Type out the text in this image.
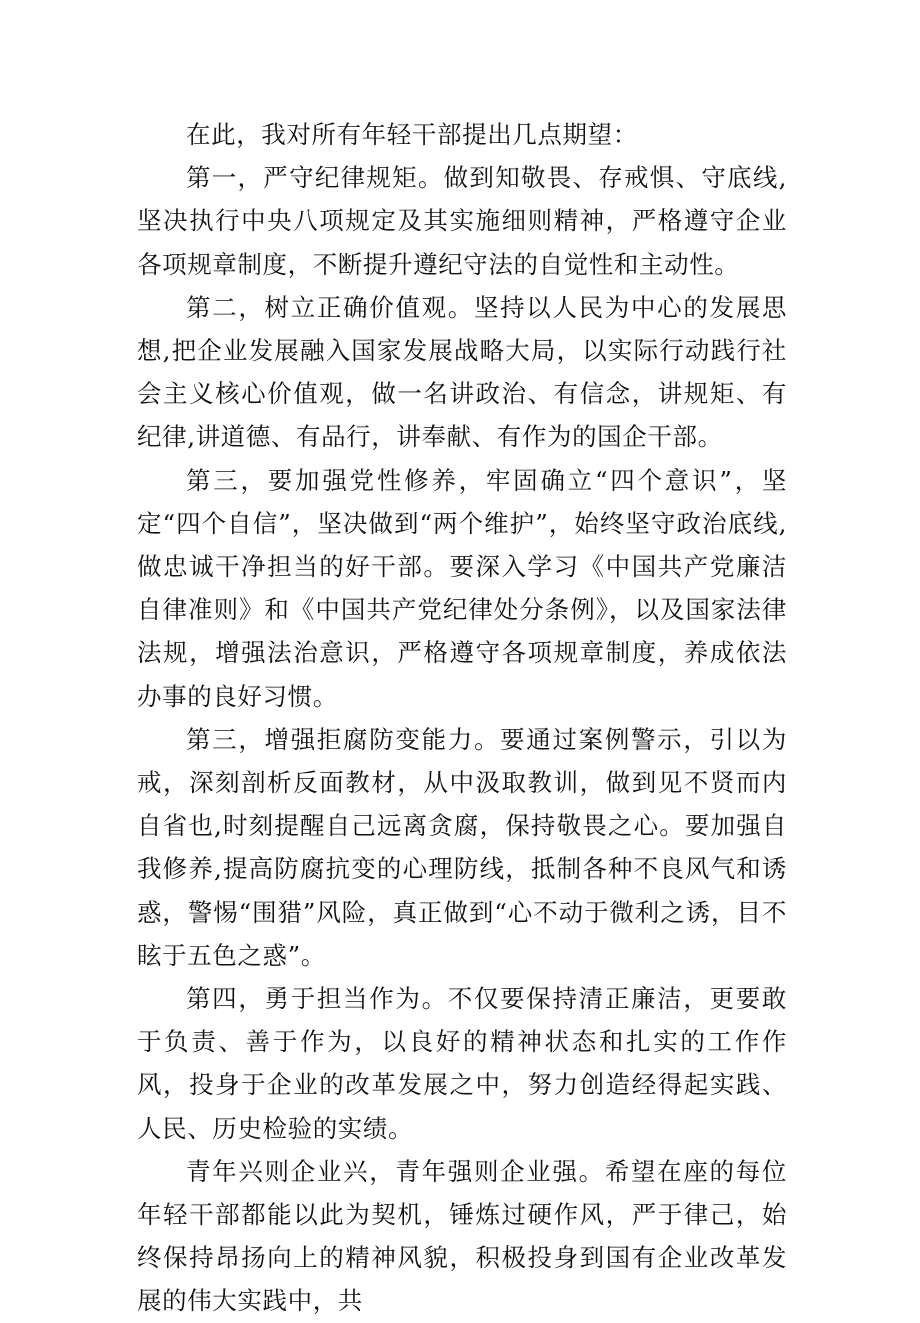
在此，我对所有年轻干部提出几点期望：

第一，严守纪律规矩。做到知敬畏、存戒惧、守底线,坚决执行中央八项规定及其实施细则精神，严格遵守企业各项规章制度，不断提升遵纪守法的自觉性和主动性。

第二，树立正确价值观。坚持以人民为中心的发展思想,把企业发展融入国家发展战略大局，以实际行动践行社会主义核心价值观，做一名讲政治、有信念，讲规矩、有纪律,讲道德、有品行，讲奉献、有作为的国企干部。

第三，要加强党性修养，牢固确立“四个意识”，坚定“四个自信”，坚决做到“两个维护”，始终坚守政治底线,做忠诚干净担当的好干部。要深入学习《中国共产党廉洁自律准则》和《中国共产党纪律处分条例》，以及国家法律法规，增强法治意识，严格遵守各项规章制度，养成依法办事的良好习惯。

第三，增强拒腐防变能力。要通过案例警示，引以为戒，深刻剖析反面教材，从中汲取教训，做到见不贤而内自省也,时刻提醒自己远离贪腐，保持敬畏之心。要加强自我修养,提高防腐抗变的心理防线，抵制各种不良风气和诱惑，警惕“围猎”风险，真正做到“心不动于微利之诱，目不眩于五色之惑”。

第四，勇于担当作为。不仅要保持清正廉洁，更要敢于负责、善于作为，以良好的精神状态和扎实的工作作风，投身于企业的改革发展之中，努力创造经得起实践、人民、历史检验的实绩。

青年兴则企业兴，青年强则企业强。希望在座的每位年轻干部都能以此为契机，锤炼过硬作风，严于律己，始终保持昂扬向上的精神风貌，积极投身到国有企业改革发展的伟大实践中，共
